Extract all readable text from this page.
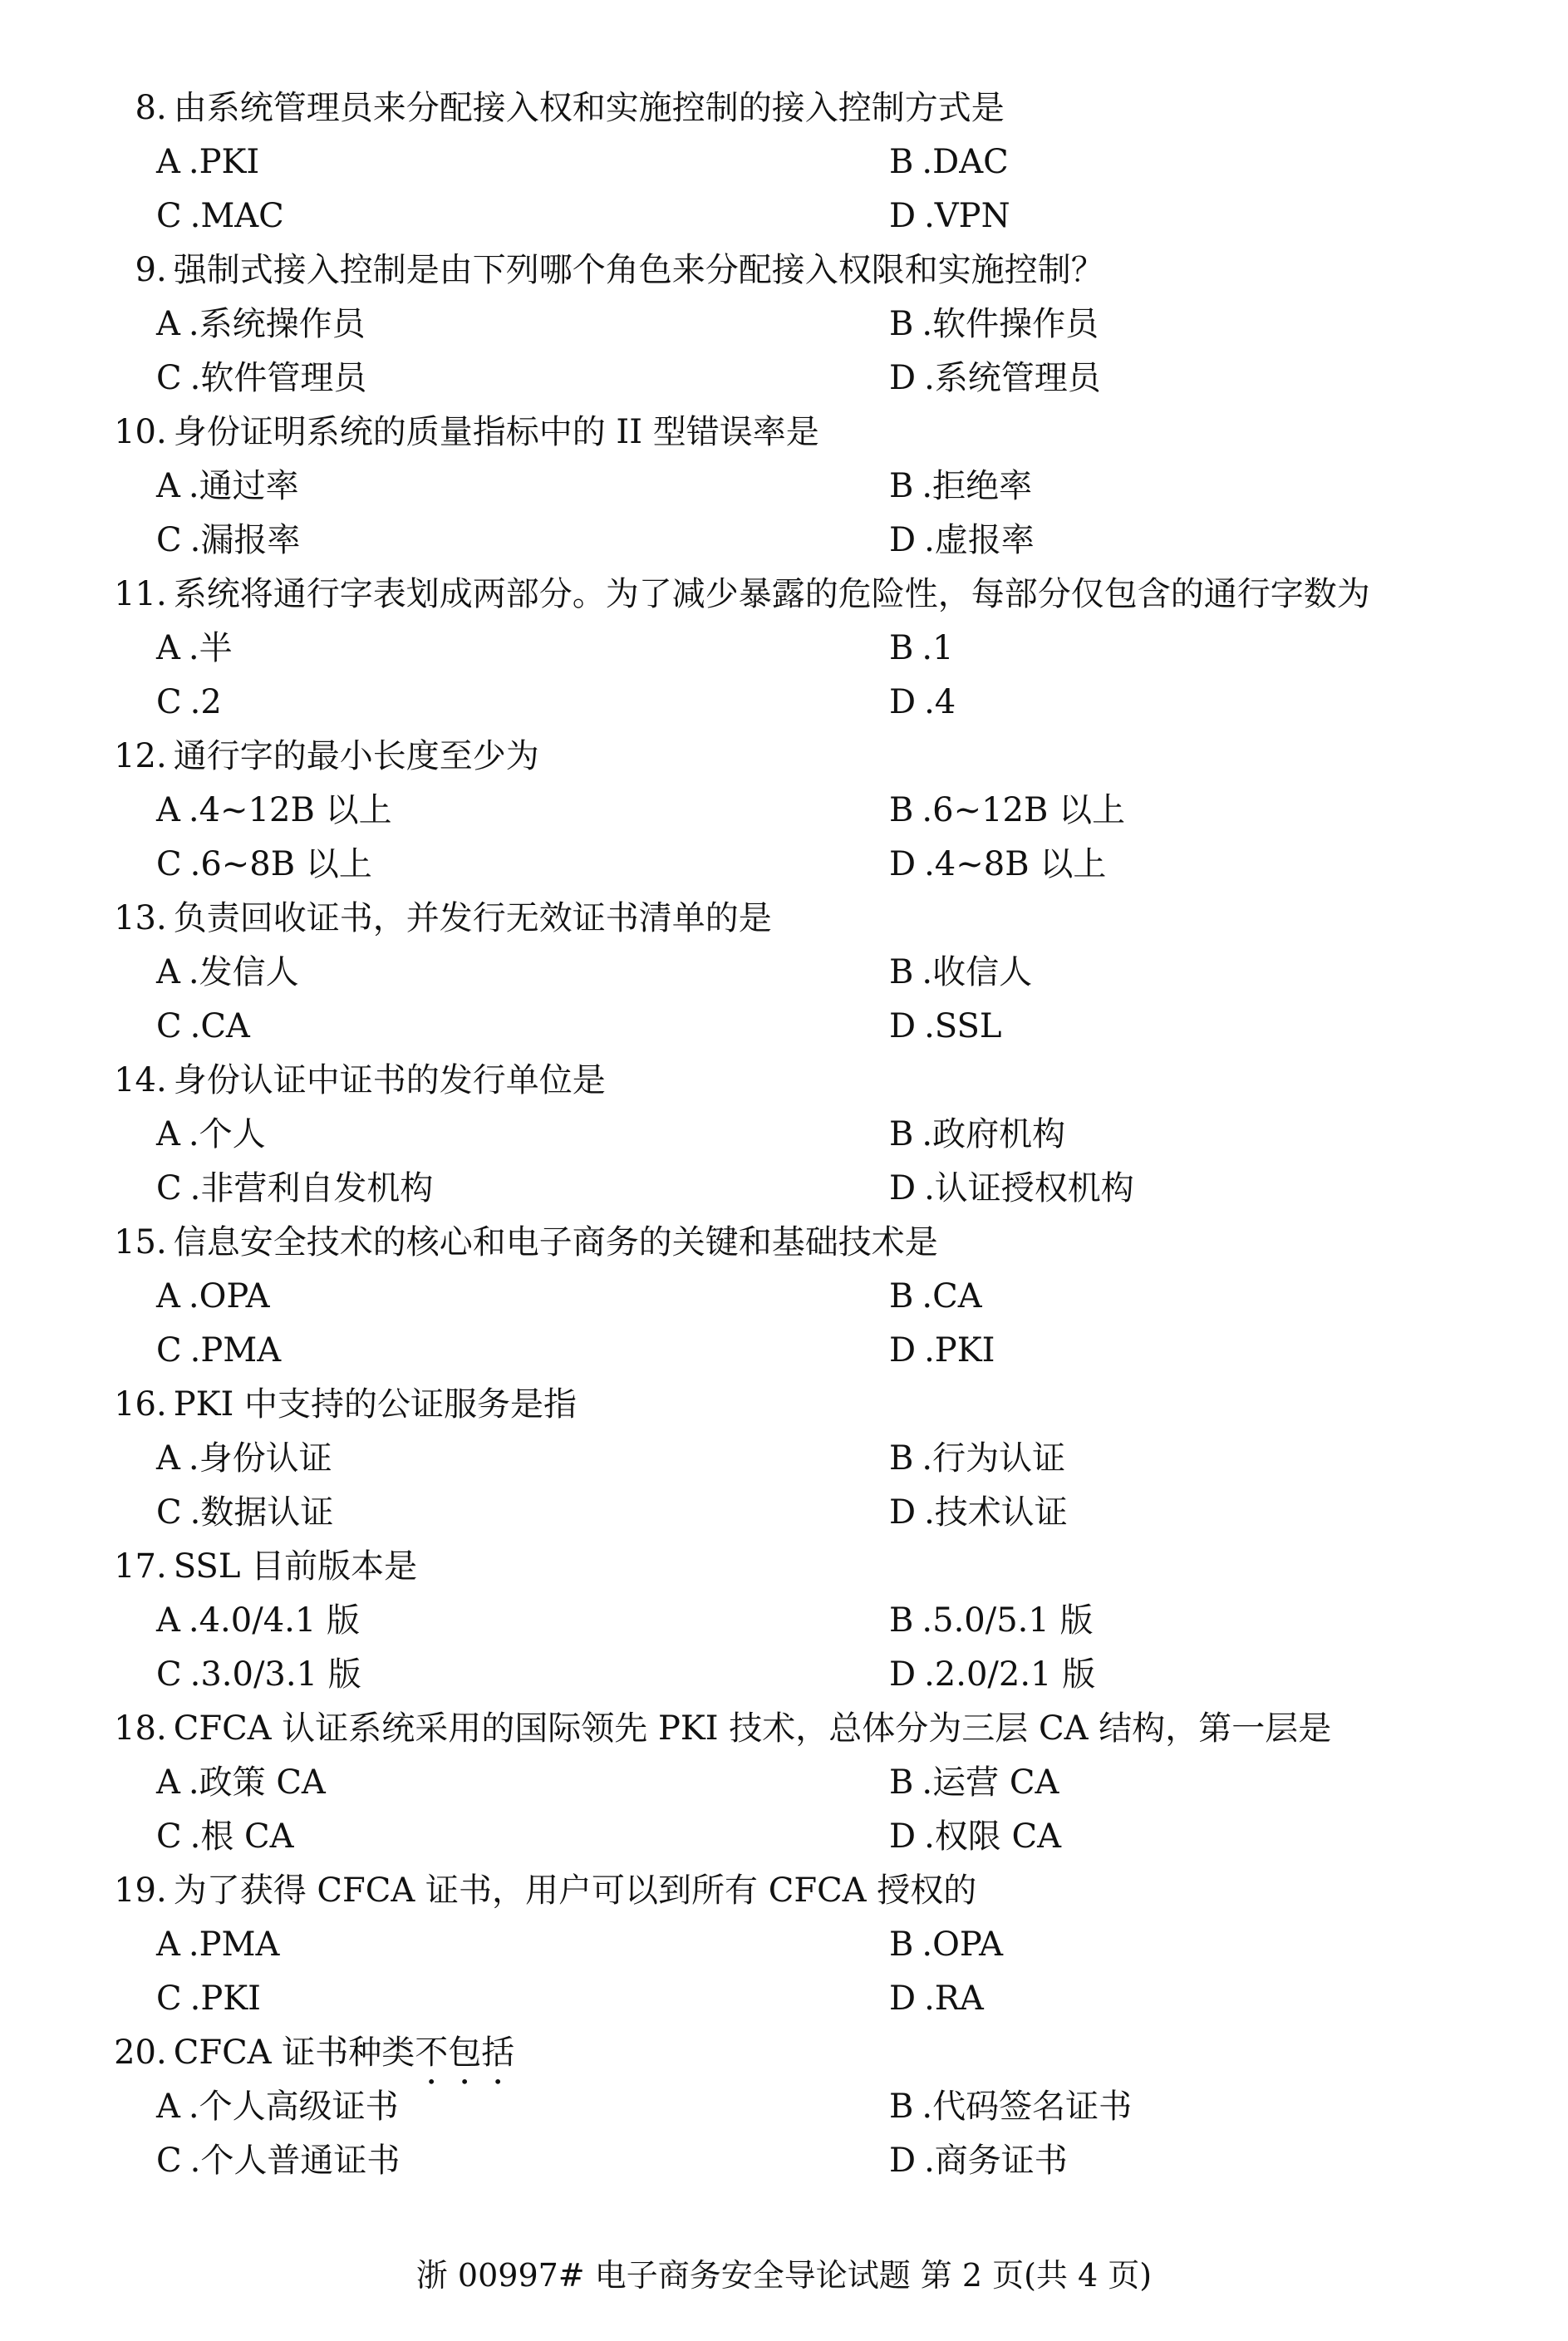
8. 由系统管理员来分配接入权和实施控制的接入控制方式是
A .PKI	B .DAC
C .MAC	D .VPN
9. 强制式接入控制是由下列哪个角色来分配接入权限和实施控制？
A .系统操作员	B .软件操作员
C .软件管理员	D .系统管理员
10. 身份证明系统的质量指标中的 II 型错误率是
A .通过率	B .拒绝率
C .漏报率	D .虚报率
11. 系统将通行字表划成两部分。为了减少暴露的危险性，每部分仅包含的通行字数为
A .半	B .1
C .2	D .4
12. 通行字的最小长度至少为
A .4~12B 以上	B .6~12B 以上
C .6~8B 以上	D .4~8B 以上
13. 负责回收证书，并发行无效证书清单的是
A .发信人	B .收信人
C .CA	D .SSL
14. 身份认证中证书的发行单位是
A .个人	B .政府机构
C .非营利自发机构	D .认证授权机构
15. 信息安全技术的核心和电子商务的关键和基础技术是
A .OPA	B .CA
C .PMA	D .PKI
16. PKI 中支持的公证服务是指
A .身份认证	B .行为认证
C .数据认证	D .技术认证
17. SSL 目前版本是
A .4.0/4.1 版	B .5.0/5.1 版
C .3.0/3.1 版	D .2.0/2.1 版
18. CFCA 认证系统采用的国际领先 PKI 技术，总体分为三层 CA 结构，第一层是
A .政策 CA	B .运营 CA
C .根 CA	D .权限 CA
19. 为了获得 CFCA 证书，用户可以到所有 CFCA 授权的
A .PMA	B .OPA
C .PKI	D .RA
20. CFCA 证书种类不包括
A .个人高级证书	B .代码签名证书
C .个人普通证书	D .商务证书
浙 00997# 电子商务安全导论试题 第 2 页(共 4 页)
